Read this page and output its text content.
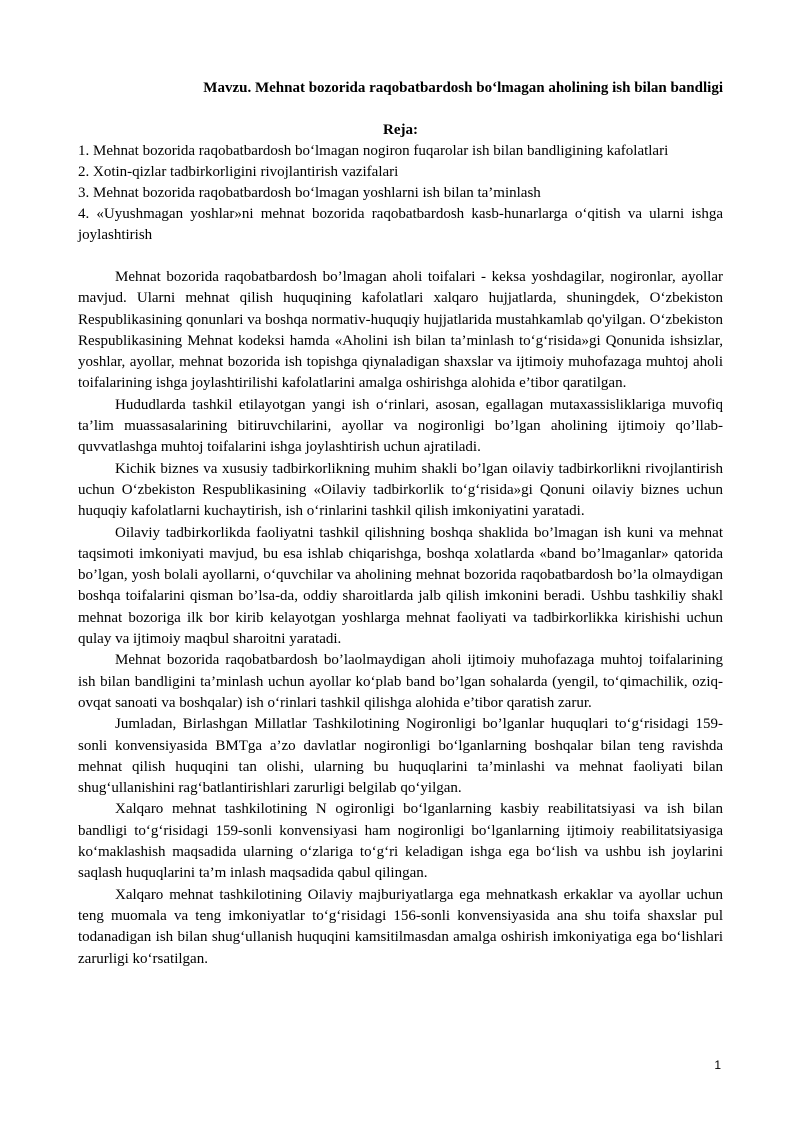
Mavzu. Mehnat bozorida raqobatbardosh bo‘lmagan aholining ish bilan bandligi
Reja:
1. Mehnat bozorida raqobatbardosh bo‘lmagan nogiron fuqarolar ish bilan bandligining kafolatlari
2. Xotin-qizlar tadbirkorligini rivojlantirish vazifalari
3. Mehnat bozorida raqobatbardosh bo‘lmagan yoshlarni ish bilan ta’minlash
4. «Uyushmagan yoshlar»ni mehnat bozorida raqobatbardosh kasb-hunarlarga o‘qitish va ularni ishga joylashtirish

Mehnat bozorida raqobatbardosh bo’lmagan aholi toifalari - keksa yoshdagilar, nogironlar, ayollar mavjud. Ularni mehnat qilish huquqining kafolatlari xalqaro hujjatlarda, shuningdek, O‘zbekiston Respublikasining qonunlari va boshqa normativ-huquqiy hujjatlarida mustahkamlab qo'yilgan. O‘zbekiston Respublikasining Mehnat kodeksi hamda «Aholini ish bilan ta’minlash to‘g‘risida»gi Qonunida ishsizlar, yoshlar, ayollar, mehnat bozorida ish topishga qiynaladigan shaxslar va ijtimoiy muhofazaga muhtoj aholi toifalarining ishga joylashtirilishi kafolatlarini amalga oshirishga alohida e’tibor qaratilgan.

Hududlarda tashkil etilayotgan yangi ish o‘rinlari, asosan, egallagan mutaxassisliklariga muvofiq ta’lim muassasalarining bitiruvchilarini, ayollar va nogironligi bo’lgan aholining ijtimoiy qo’llab-quvvatlashga muhtoj toifalarini ishga joylashtirish uchun ajratiladi.

Kichik biznes va xususiy tadbirkorlikning muhim shakli bo’lgan oilaviy tadbirkorlikni rivojlantirish uchun O‘zbekiston Respublikasining «Oilaviy tadbirkorlik to‘g‘risida»gi Qonuni oilaviy biznes uchun huquqiy kafolatlarni kuchaytirish, ish o‘rinlarini tashkil qilish imkoniyatini yaratadi.

Oilaviy tadbirkorlikda faoliyatni tashkil qilishning boshqa shaklida bo’lmagan ish kuni va mehnat taqsimoti imkoniyati mavjud, bu esa ishlab chiqarishga, boshqa xolatlarda «band bo’lmaganlar» qatorida bo’lgan, yosh bolali ayollarni, o‘quvchilar va aholining mehnat bozorida raqobatbardosh bo’la olmaydigan boshqa toifalarini qisman bo’lsa-da, oddiy sharoitlarda jalb qilish imkonini beradi. Ushbu tashkiliy shakl mehnat bozoriga ilk bor kirib kelayotgan yoshlarga mehnat faoliyati va tadbirkorlikka kirishishi uchun qulay va ijtimoiy maqbul sharoitni yaratadi.

Mehnat bozorida raqobatbardosh bo’laolmaydigan aholi ijtimoiy muhofazaga muhtoj toifalarining ish bilan bandligini ta’minlash uchun ayollar ko‘plab band bo’lgan sohalarda (yengil, to‘qimachilik, oziq-ovqat sanoati va boshqalar) ish o‘rinlari tashkil qilishga alohida e’tibor qaratish zarur.

Jumladan, Birlashgan Millatlar Tashkilotining Nogironligi bo’lganlar huquqlari to‘g‘risidagi 159-sonli konvensiyasida BMTga a’zo davlatlar nogironligi bo‘lganlarning boshqalar bilan teng ravishda mehnat qilish huquqini tan olishi, ularning bu huquqlarini ta’minlashi va mehnat faoliyati bilan shug‘ullanishini rag‘batlantirishlari zarurligi belgilab qo‘yilgan.

Xalqaro mehnat tashkilotining N ogironligi bo‘lganlarning kasbiy reabilitatsiyasi va ish bilan bandligi to‘g‘risidagi 159-sonli konvensiyasi ham nogironligi bo‘lganlarning ijtimoiy reabilitatsiyasiga ko‘maklashish maqsadida ularning o‘zlariga to‘g‘ri keladigan ishga ega bo‘lish va ushbu ish joylarini saqlash huquqlarini ta’m inlash maqsadida qabul qilingan.

Xalqaro mehnat tashkilotining Oilaviy majburiyatlarga ega mehnatkash erkaklar va ayollar uchun teng muomala va teng imkoniyatlar to‘g‘risidagi 156-sonli konvensiyasida ana shu toifa shaxslar pul todanadigan ish bilan shug‘ullanish huquqini kamsitilmasdan amalga oshirish imkoniyatiga ega bo‘lishlari zarurligi ko‘rsatilgan.

1
